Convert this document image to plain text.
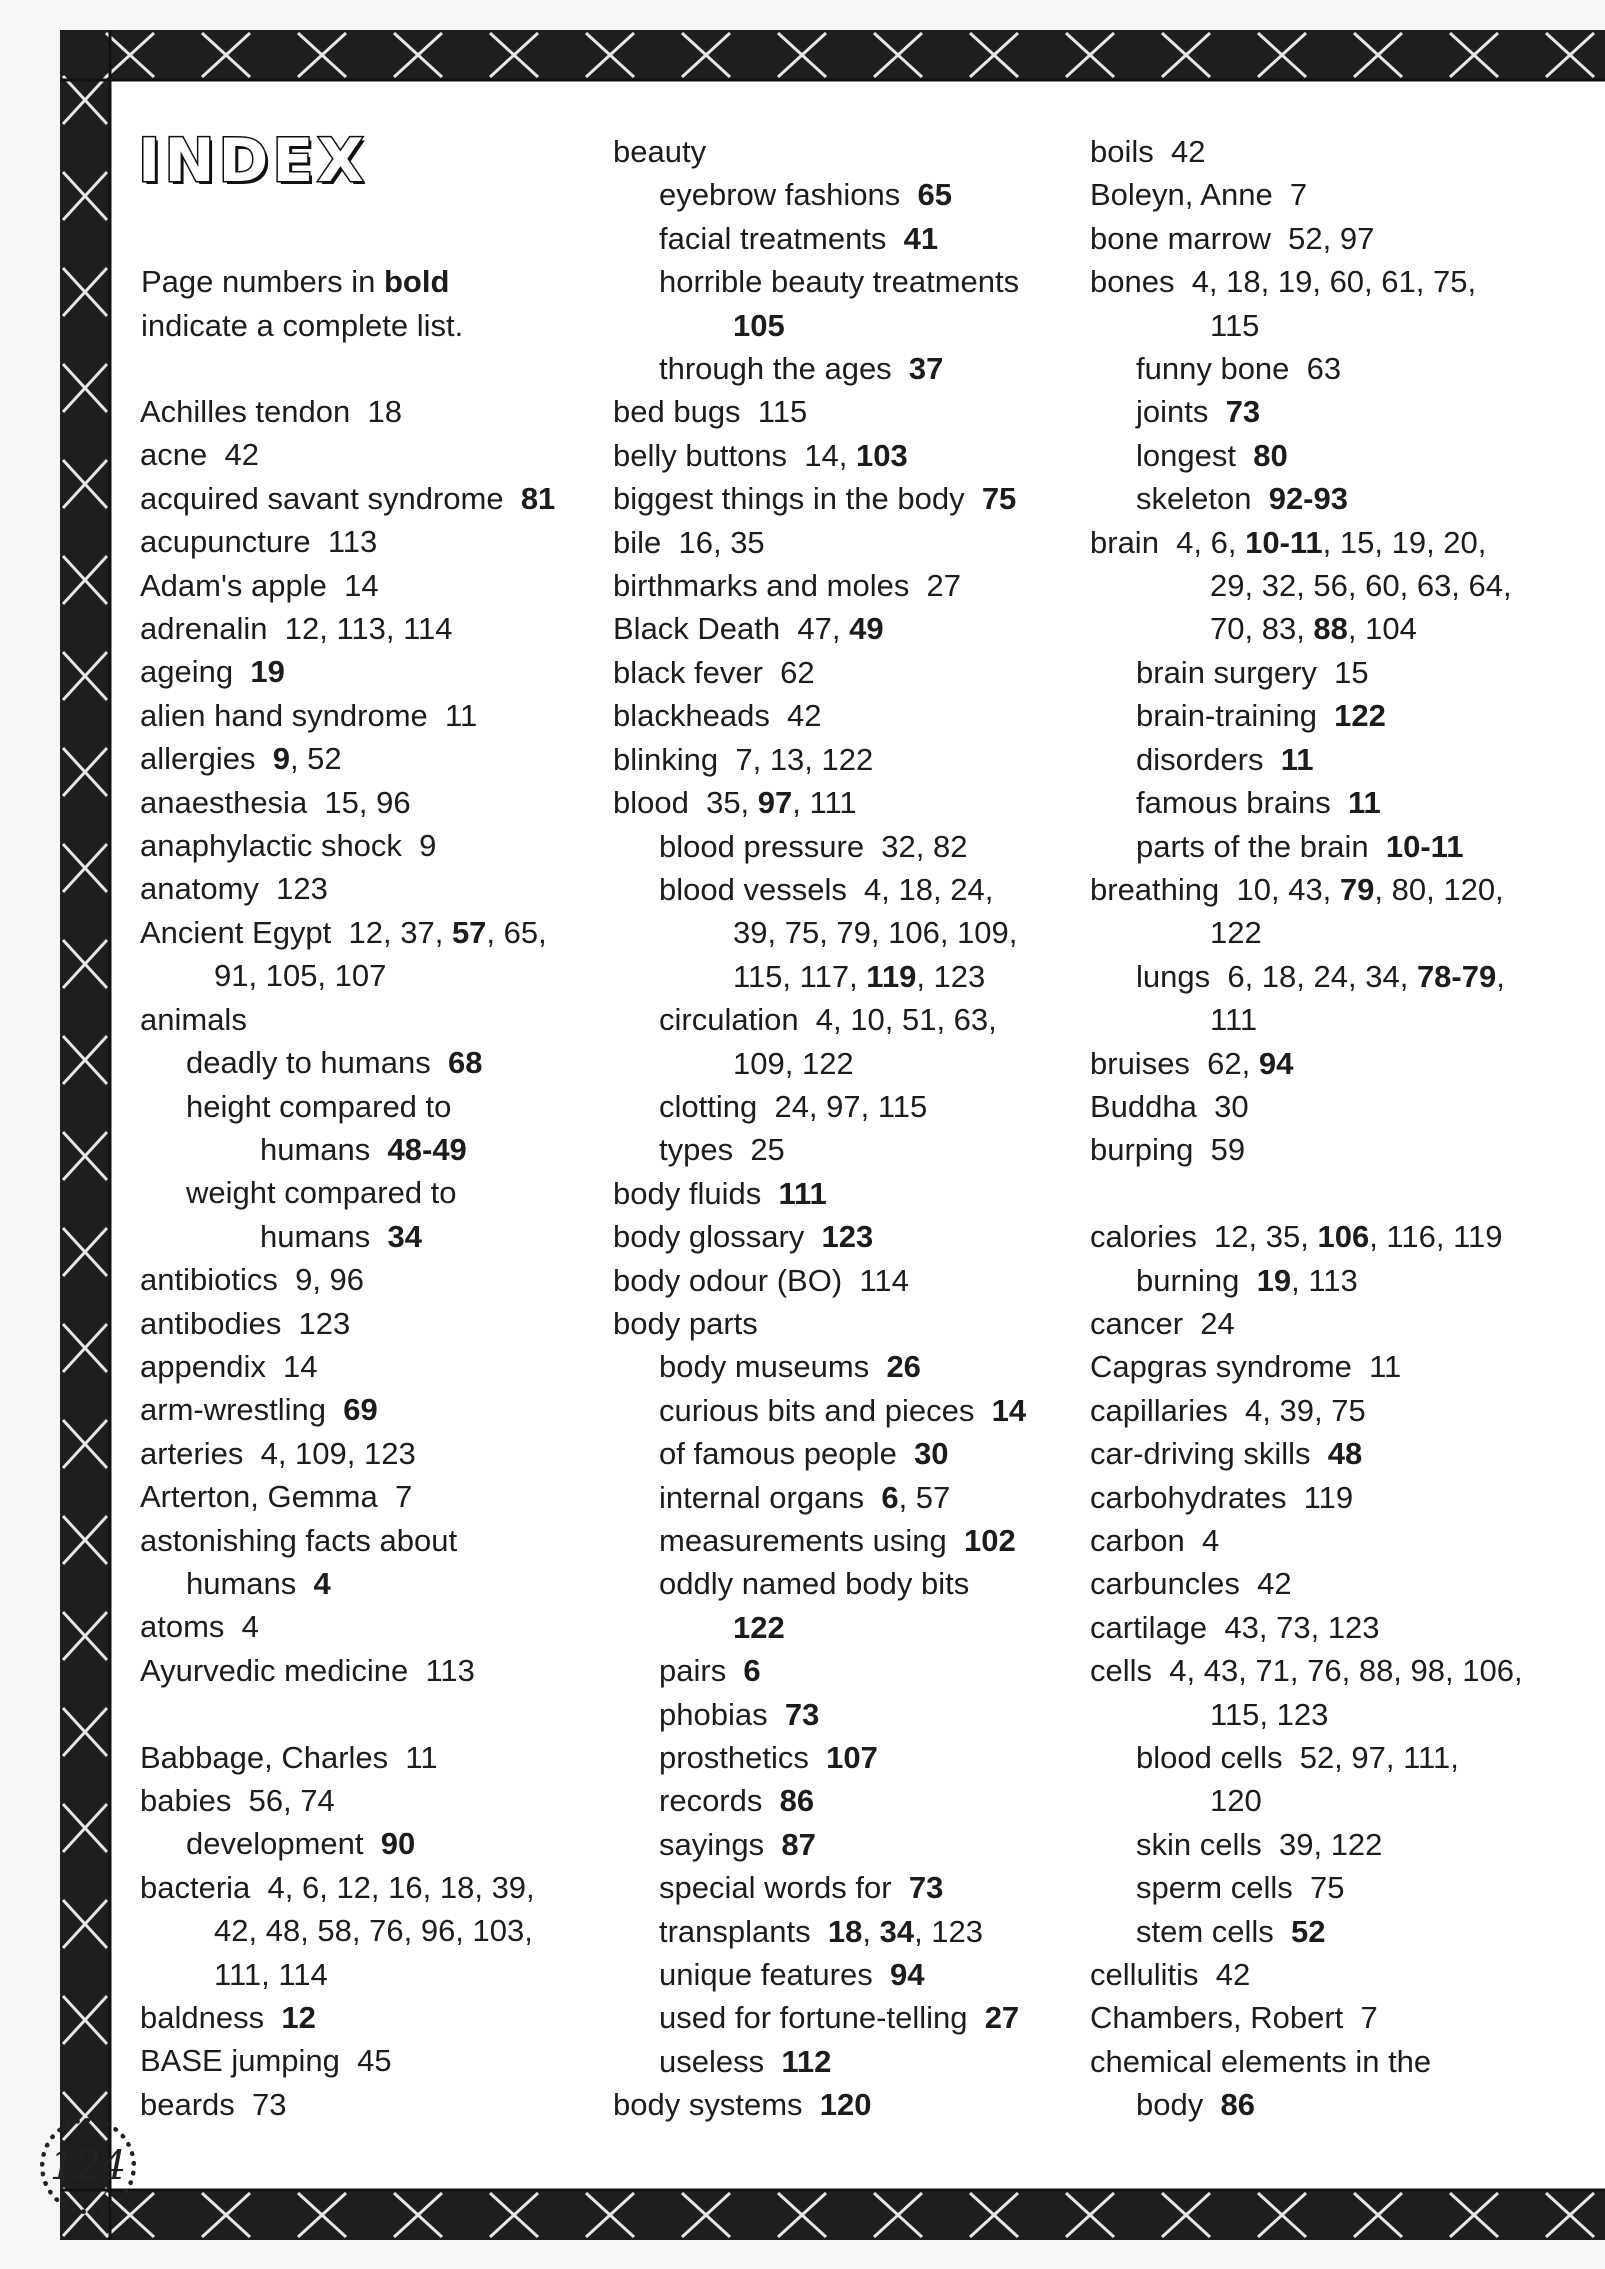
INDEX
Page numbers in bold indicate a complete list.
Achilles tendon  18
acne  42
acquired savant syndrome  81
acupuncture  113
Adam's apple  14
adrenalin  12, 113, 114
ageing  19
alien hand syndrome  11
allergies  9, 52
anaesthesia  15, 96
anaphylactic shock  9
anatomy  123
Ancient Egypt  12, 37, 57, 65,
91, 105, 107
animals
deadly to humans  68
height compared to
humans  48-49
weight compared to
humans  34
antibiotics  9, 96
antibodies  123
appendix  14
arm-wrestling  69
arteries  4, 109, 123
Arterton, Gemma  7
astonishing facts about
humans  4
atoms  4
Ayurvedic medicine  113
Babbage, Charles  11
babies  56, 74
development  90
bacteria  4, 6, 12, 16, 18, 39,
42, 48, 58, 76, 96, 103,
111, 114
baldness  12
BASE jumping  45
beards  73
beauty
eyebrow fashions  65
facial treatments  41
horrible beauty treatments
105
through the ages  37
bed bugs  115
belly buttons  14, 103
biggest things in the body  75
bile  16, 35
birthmarks and moles  27
Black Death  47, 49
black fever  62
blackheads  42
blinking  7, 13, 122
blood  35, 97, 111
blood pressure  32, 82
blood vessels  4, 18, 24,
39, 75, 79, 106, 109,
115, 117, 119, 123
circulation  4, 10, 51, 63,
109, 122
clotting  24, 97, 115
types  25
body fluids  111
body glossary  123
body odour (BO)  114
body parts
body museums  26
curious bits and pieces  14
of famous people  30
internal organs  6, 57
measurements using  102
oddly named body bits
122
pairs  6
phobias  73
prosthetics  107
records  86
sayings  87
special words for  73
transplants  18, 34, 123
unique features  94
used for fortune-telling  27
useless  112
body systems  120
boils  42
Boleyn, Anne  7
bone marrow  52, 97
bones  4, 18, 19, 60, 61, 75,
115
funny bone  63
joints  73
longest  80
skeleton  92-93
brain  4, 6, 10-11, 15, 19, 20,
29, 32, 56, 60, 63, 64,
70, 83, 88, 104
brain surgery  15
brain-training  122
disorders  11
famous brains  11
parts of the brain  10-11
breathing  10, 43, 79, 80, 120,
122
lungs  6, 18, 24, 34, 78-79,
111
bruises  62, 94
Buddha  30
burping  59
calories  12, 35, 106, 116, 119
burning  19, 113
cancer  24
Capgras syndrome  11
capillaries  4, 39, 75
car-driving skills  48
carbohydrates  119
carbon  4
carbuncles  42
cartilage  43, 73, 123
cells  4, 43, 71, 76, 88, 98, 106,
115, 123
blood cells  52, 97, 111,
120
skin cells  39, 122
sperm cells  75
stem cells  52
cellulitis  42
Chambers, Robert  7
chemical elements in the
body  86
124
